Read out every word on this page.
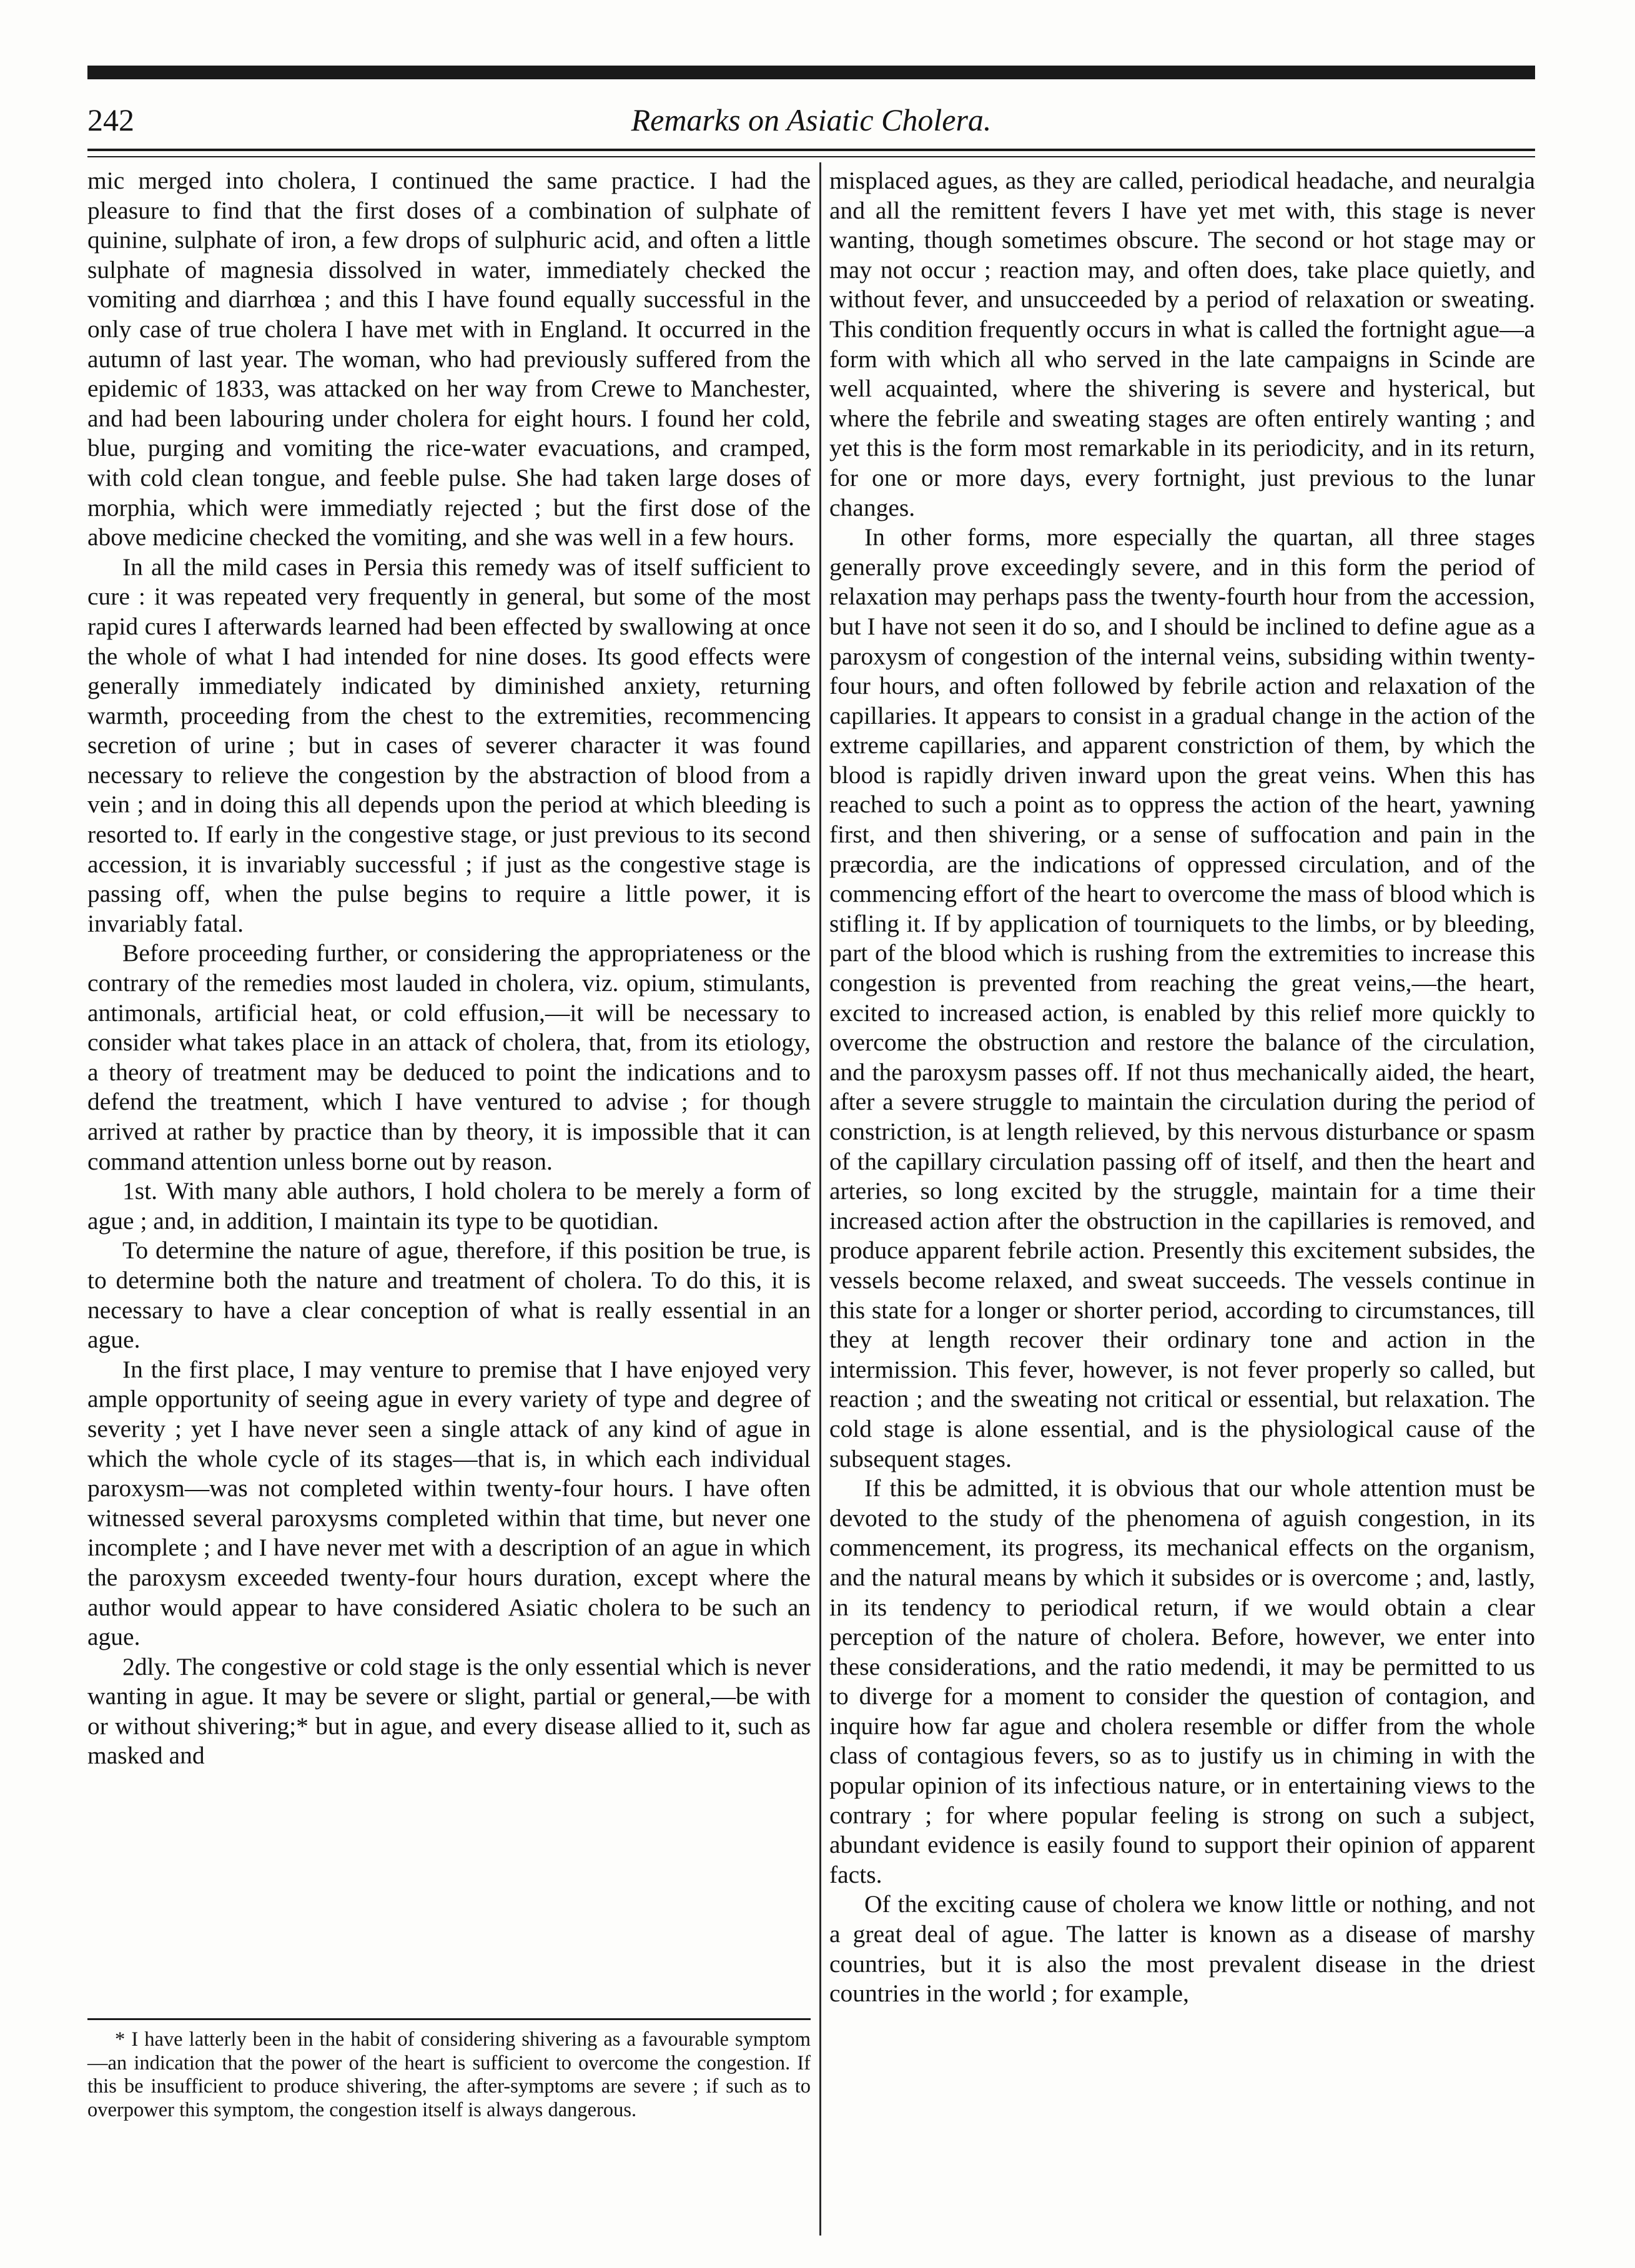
242	Remarks on Asiatic Cholera.

mic merged into cholera, I continued the same practice. I had the pleasure to find that the first doses of a combination of sulphate of quinine, sulphate of iron, a few drops of sulphuric acid, and often a little sulphate of magnesia dissolved in water, immediately checked the vomiting and diarrhœa ; and this I have found equally successful in the only case of true cholera I have met with in England. It occurred in the autumn of last year. The woman, who had previously suffered from the epidemic of 1833, was attacked on her way from Crewe to Manchester, and had been labouring under cholera for eight hours. I found her cold, blue, purging and vomiting the rice-water evacuations, and cramped, with cold clean tongue, and feeble pulse. She had taken large doses of morphia, which were immediatly rejected ; but the first dose of the above medicine checked the vomiting, and she was well in a few hours.

In all the mild cases in Persia this remedy was of itself sufficient to cure : it was repeated very frequently in general, but some of the most rapid cures I afterwards learned had been effected by swallowing at once the whole of what I had intended for nine doses. Its good effects were generally immediately indicated by diminished anxiety, returning warmth, proceeding from the chest to the extremities, recommencing secretion of urine ; but in cases of severer character it was found necessary to relieve the congestion by the abstraction of blood from a vein ; and in doing this all depends upon the period at which bleeding is resorted to. If early in the congestive stage, or just previous to its second accession, it is invariably successful ; if just as the congestive stage is passing off, when the pulse begins to require a little power, it is invariably fatal.

Before proceeding further, or considering the appropriateness or the contrary of the remedies most lauded in cholera, viz. opium, stimulants, antimonals, artificial heat, or cold effusion,—it will be necessary to consider what takes place in an attack of cholera, that, from its etiology, a theory of treatment may be deduced to point the indications and to defend the treatment, which I have ventured to advise ; for though arrived at rather by practice than by theory, it is impossible that it can command attention unless borne out by reason.

1st. With many able authors, I hold cholera to be merely a form of ague ; and, in addition, I maintain its type to be quotidian.

To determine the nature of ague, therefore, if this position be true, is to determine both the nature and treatment of cholera. To do this, it is necessary to have a clear conception of what is really essential in an ague.

In the first place, I may venture to premise that I have enjoyed very ample opportunity of seeing ague in every variety of type and degree of severity ; yet I have never seen a single attack of any kind of ague in which the whole cycle of its stages—that is, in which each individual paroxysm—was not completed within twenty-four hours. I have often witnessed several paroxysms completed within that time, but never one incomplete ; and I have never met with a description of an ague in which the paroxysm exceeded twenty-four hours duration, except where the author would appear to have considered Asiatic cholera to be such an ague.

2dly. The congestive or cold stage is the only essential which is never wanting in ague. It may be severe or slight, partial or general,—be with or without shivering;* but in ague, and every disease allied to it, such as masked and

misplaced agues, as they are called, periodical headache, and neuralgia and all the remittent fevers I have yet met with, this stage is never wanting, though sometimes obscure. The second or hot stage may or may not occur ; reaction may, and often does, take place quietly, and without fever, and unsucceeded by a period of relaxation or sweating. This condition frequently occurs in what is called the fortnight ague—a form with which all who served in the late campaigns in Scinde are well acquainted, where the shivering is severe and hysterical, but where the febrile and sweating stages are often entirely wanting ; and yet this is the form most remarkable in its periodicity, and in its return, for one or more days, every fortnight, just previous to the lunar changes.

In other forms, more especially the quartan, all three stages generally prove exceedingly severe, and in this form the period of relaxation may perhaps pass the twenty-fourth hour from the accession, but I have not seen it do so, and I should be inclined to define ague as a paroxysm of congestion of the internal veins, subsiding within twenty-four hours, and often followed by febrile action and relaxation of the capillaries. It appears to consist in a gradual change in the action of the extreme capillaries, and apparent constriction of them, by which the blood is rapidly driven inward upon the great veins. When this has reached to such a point as to oppress the action of the heart, yawning first, and then shivering, or a sense of suffocation and pain in the præcordia, are the indications of oppressed circulation, and of the commencing effort of the heart to overcome the mass of blood which is stifling it. If by application of tourniquets to the limbs, or by bleeding, part of the blood which is rushing from the extremities to increase this congestion is prevented from reaching the great veins,—the heart, excited to increased action, is enabled by this relief more quickly to overcome the obstruction and restore the balance of the circulation, and the paroxysm passes off. If not thus mechanically aided, the heart, after a severe struggle to maintain the circulation during the period of constriction, is at length relieved, by this nervous disturbance or spasm of the capillary circulation passing off of itself, and then the heart and arteries, so long excited by the struggle, maintain for a time their increased action after the obstruction in the capillaries is removed, and produce apparent febrile action. Presently this excitement subsides, the vessels become relaxed, and sweat succeeds. The vessels continue in this state for a longer or shorter period, according to circumstances, till they at length recover their ordinary tone and action in the intermission. This fever, however, is not fever properly so called, but reaction ; and the sweating not critical or essential, but relaxation. The cold stage is alone essential, and is the physiological cause of the subsequent stages.

If this be admitted, it is obvious that our whole attention must be devoted to the study of the phenomena of aguish congestion, in its commencement, its progress, its mechanical effects on the organism, and the natural means by which it subsides or is overcome ; and, lastly, in its tendency to periodical return, if we would obtain a clear perception of the nature of cholera. Before, however, we enter into these considerations, and the ratio medendi, it may be permitted to us to diverge for a moment to consider the question of contagion, and inquire how far ague and cholera resemble or differ from the whole class of contagious fevers, so as to justify us in chiming in with the popular opinion of its infectious nature, or in entertaining views to the contrary ; for where popular feeling is strong on such a subject, abundant evidence is easily found to support their opinion of apparent facts.

Of the exciting cause of cholera we know little or nothing, and not a great deal of ague. The latter is known as a disease of marshy countries, but it is also the most prevalent disease in the driest countries in the world ; for example,

* I have latterly been in the habit of considering shivering as a favourable symptom—an indication that the power of the heart is sufficient to overcome the congestion. If this be insufficient to produce shivering, the after-symptoms are severe ; if such as to overpower this symptom, the congestion itself is always dangerous.
